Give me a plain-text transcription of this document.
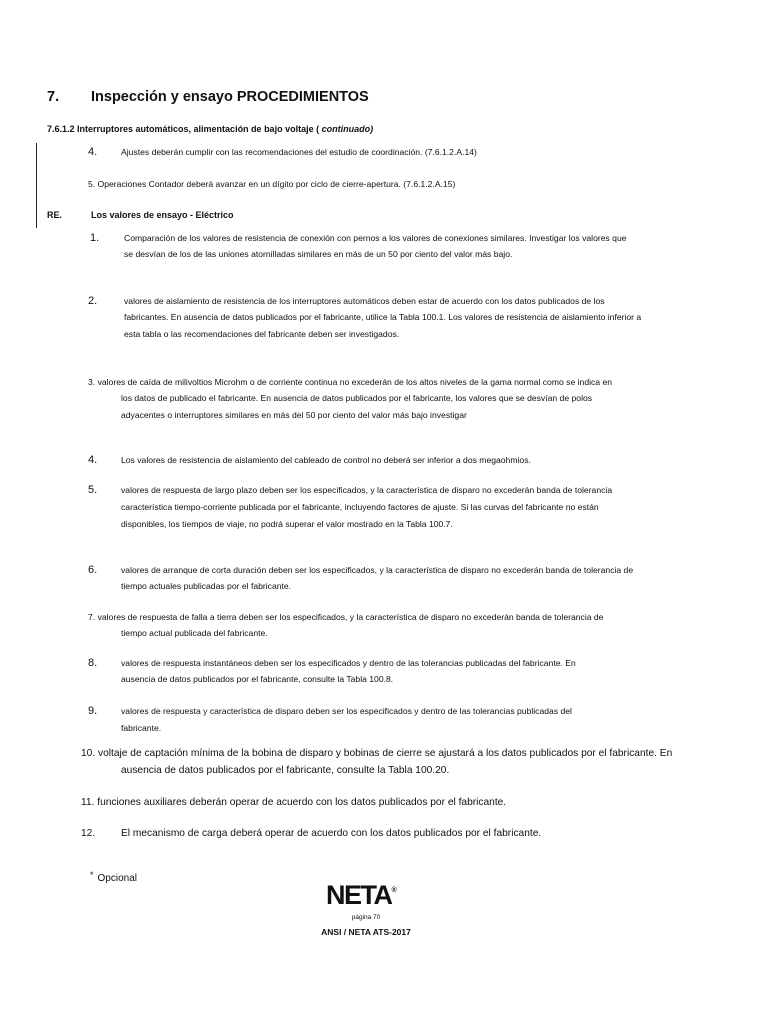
7. Inspección y ensayo PROCEDIMIENTOS
7.6.1.2 Interruptores automáticos, alimentación de bajo voltaje ( continuado)
4.	Ajustes deberán cumplir con las recomendaciones del estudio de coordinación. (7.6.1.2.A.14)
5. Operaciones Contador deberá avanzar en un dígito por ciclo de cierre-apertura. (7.6.1.2.A.15)
RE.	Los valores de ensayo - Eléctrico
1.	Comparación de los valores de resistencia de conexión con pernos a los valores de conexiones similares. Investigar los valores que
se desvían de los de las uniones atornilladas similares en más de un 50 por ciento del valor más bajo.
2.	valores de aislamiento de resistencia de los interruptores automáticos deben estar de acuerdo con los datos publicados de los
fabricantes. En ausencia de datos publicados por el fabricante, utilice la Tabla 100.1. Los valores de resistencia de aislamiento inferior a
esta tabla o las recomendaciones del fabricante deben ser investigados.
3. valores de caída de milivoltios Microhm o de corriente continua no excederán de los altos niveles de la gama normal como se indica en
los datos de publicado el fabricante. En ausencia de datos publicados por el fabricante, los valores que se desvían de polos
adyacentes o interruptores similares en más del 50 por ciento del valor más bajo investigar
4.	Los valores de resistencia de aislamiento del cableado de control no deberá ser inferior a dos megaohmios.
5.	valores de respuesta de largo plazo deben ser los especificados, y la característica de disparo no excederán banda de tolerancia
característica tiempo-corriente publicada por el fabricante, incluyendo factores de ajuste. Si las curvas del fabricante no están
disponibles, los tiempos de viaje, no podrá superar el valor mostrado en la Tabla 100.7.
6.	valores de arranque de corta duración deben ser los especificados, y la característica de disparo no excederán banda de tolerancia de
tiempo actuales publicadas por el fabricante.
7. valores de respuesta de falla a tierra deben ser los especificados, y la característica de disparo no excederán banda de tolerancia de
tiempo actual publicada del fabricante.
8.	valores de respuesta instantáneos deben ser los especificados y dentro de las tolerancias publicadas del fabricante. En
ausencia de datos publicados por el fabricante, consulte la Tabla 100.8.
9.	valores de respuesta y característica de disparo deben ser los especificados y dentro de las tolerancias publicadas del
fabricante.
10. voltaje de captación mínima de la bobina de disparo y bobinas de cierre se ajustará a los datos publicados por el fabricante. En
ausencia de datos publicados por el fabricante, consulte la Tabla 100.20.
11. funciones auxiliares deberán operar de acuerdo con los datos publicados por el fabricante.
12.	El mecanismo de carga deberá operar de acuerdo con los datos publicados por el fabricante.
* Opcional
NETA®
página 70
ANSI / NETA ATS-2017
